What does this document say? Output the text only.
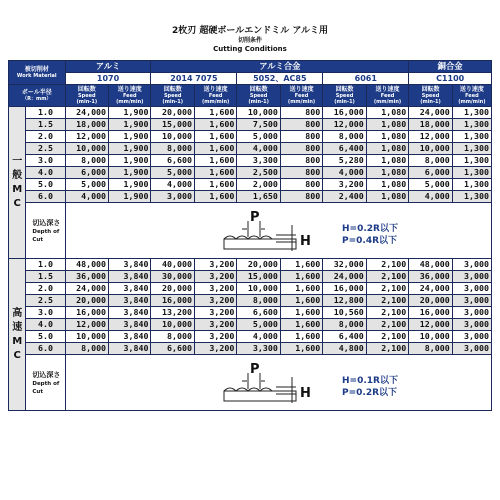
2枚刃 超硬ボールエンドミル アルミ用
切削条件
Cutting Conditions
被切削材
Work Material		アルミ		アルミ合金						銅合金	
		1070		2014 7075		5052、AC85		6061		C1100	
ボール半径
（R：mm）		回転数
Speed
(min-1)	送り速度
Feed
(mm/min)	回転数
Speed
(min-1)	送り速度
Feed
(mm/min)	回転数
Speed
(min-1)	送り速度
Feed
(mm/min)	回転数
Speed
(min-1)	送り速度
Feed
(mm/min)	回転数
Speed
(min-1)	送り速度
Feed
(mm/min)

一
般
M
C	1.0	24,000	1,900	20,000	1,600	10,000	800	16,000	1,080	24,000	1,300
	1.5	18,000	1,900	15,000	1,600	7,500	800	12,000	1,080	18,000	1,300
	2.0	12,000	1,900	10,000	1,600	5,000	800	8,000	1,080	12,000	1,300
	2.5	10,000	1,900	8,000	1,600	4,000	800	6,400	1,080	10,000	1,300
	3.0	8,000	1,900	6,600	1,600	3,300	800	5,280	1,080	8,000	1,300
	4.0	6,000	1,900	5,000	1,600	2,500	800	4,000	1,080	6,000	1,300
	5.0	5,000	1,900	4,000	1,600	2,000	800	3,200	1,080	5,000	1,300
	6.0	4,000	1,900	3,000	1,600	1,650	800	2,400	1,080	4,000	1,300

	切込深さ
Depth of Cut	P
H
H=0.2R以下
P=0.4R以下									

高
速
M
C	1.0	48,000	3,840	40,000	3,200	20,000	1,600	32,000	2,100	48,000	3,000
	1.5	36,000	3,840	30,000	3,200	15,000	1,600	24,000	2,100	36,000	3,000
	2.0	24,000	3,840	20,000	3,200	10,000	1,600	16,000	2,100	24,000	3,000
	2.5	20,000	3,840	16,000	3,200	8,000	1,600	12,800	2,100	20,000	3,000
	3.0	16,000	3,840	13,200	3,200	6,600	1,600	10,560	2,100	16,000	3,000
	4.0	12,000	3,840	10,000	3,200	5,000	1,600	8,000	2,100	12,000	3,000
	5.0	10,000	3,840	8,000	3,200	4,000	1,600	6,400	2,100	10,000	3,000
	6.0	8,000	3,840	6,600	3,200	3,300	1,600	4,800	2,100	8,000	3,000

	切込深さ
Depth of Cut	P
H
H=0.1R以下
P=0.2R以下									
